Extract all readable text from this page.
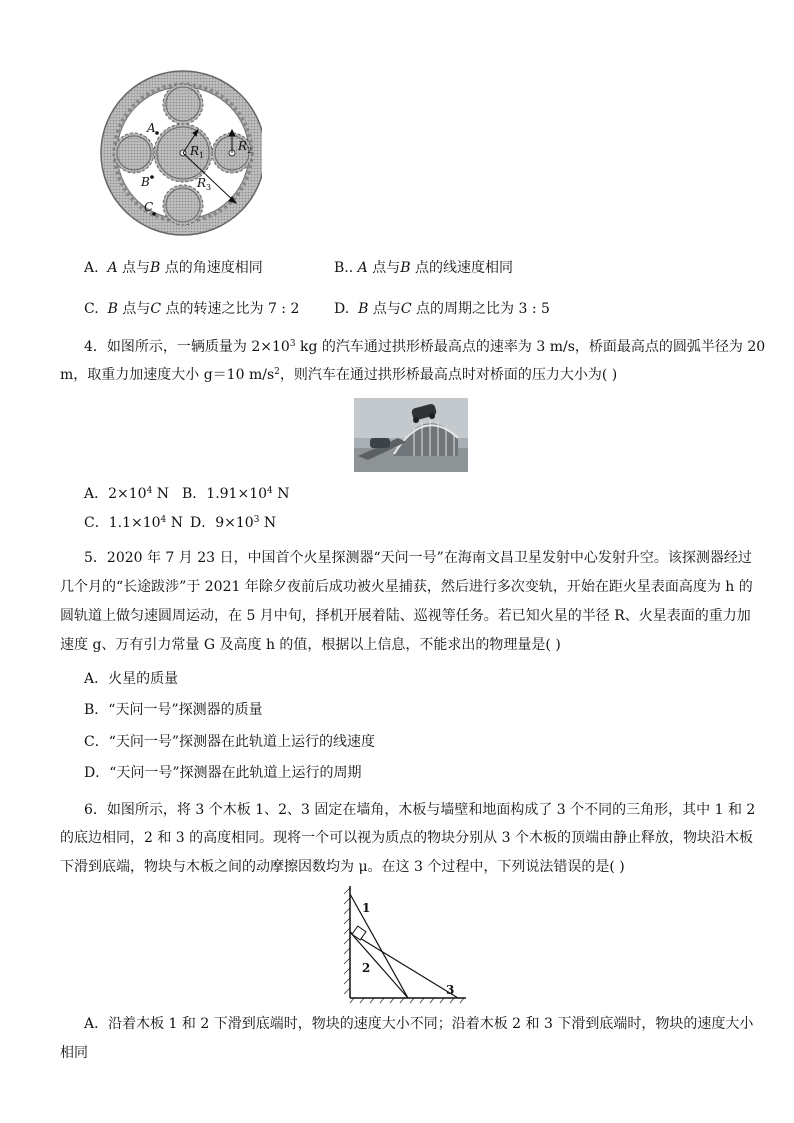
A
B
C
R	R
R
1
2
3
A. A 点与B 点的角速度相同	B.. A 点与B 点的线速度相同
C. B 点与C 点的转速之比为 7 : 2 D. B 点与C 点的周期之比为 3 : 5
4．如图所示，一辆质量为 $2\times 10^3$ kg 的汽车通过拱形桥最高点的速率为 3 m/s，桥面最高点的圆弧半径为 20
m，取重力加速度大小 g＝10 $m/s^2$，则汽车在通过拱形桥最高点时对桥面的压力大小为( )
A．$2\times 10^4$ N B．$1.91\times 10^4$ N
C．$1.1\times 10^4$ N D．$9\times 10^3$ N
5．2020 年 7 月 23 日，中国首个火星探测器“天问一号”在海南文昌卫星发射中心发射升空。该探测器经过
几个月的“长途跋涉”于 2021 年除夕夜前后成功被火星捕获，然后进行多次变轨，开始在距火星表面高度为 h 的
圆轨道上做匀速圆周运动，在 5 月中旬，择机开展着陆、巡视等任务。若已知火星的半径 R、火星表面的重力加
速度 g、万有引力常量 G 及高度 h 的值，根据以上信息，不能求出的物理量是( )
A．火星的质量
B．“天问一号”探测器的质量
C．“天问一号”探测器在此轨道上运行的线速度
D．“天问一号”探测器在此轨道上运行的周期
6．如图所示，将 3 个木板 1、2、3 固定在墙角，木板与墙壁和地面构成了 3 个不同的三角形，其中 1 和 2
的底边相同，2 和 3 的高度相同。现将一个可以视为质点的物块分别从 3 个木板的顶端由静止释放，物块沿木板
下滑到底端，物块与木板之间的动摩擦因数均为 μ。在这 3 个过程中，下列说法错误的是( )
1
2
3
A．沿着木板 1 和 2 下滑到底端时，物块的速度大小不同；沿着木板 2 和 3 下滑到底端时，物块的速度大小
相同
